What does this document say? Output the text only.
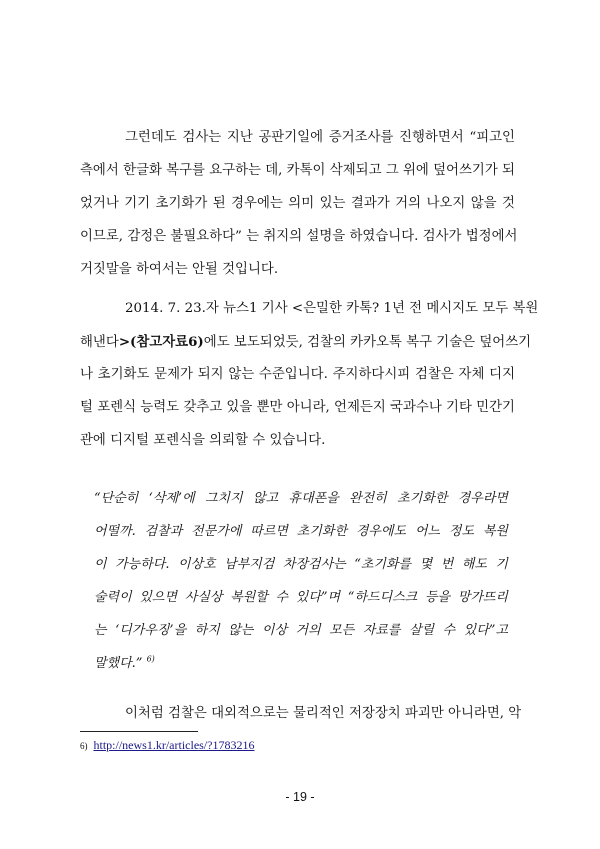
그런데도 검사는 지난 공판기일에 증거조사를 진행하면서 “피고인
측에서 한글화 복구를 요구하는 데, 카톡이 삭제되고 그 위에 덮어쓰기가 되
었거나 기기 초기화가 된 경우에는 의미 있는 결과가 거의 나오지 않을 것
이므로, 감정은 불필요하다” 는 취지의 설명을 하였습니다. 검사가 법정에서
거짓말을 하여서는 안될 것입니다.
2014. 7. 23.자 뉴스1 기사 <은밀한 카톡? 1년 전 메시지도 모두 복원
해낸다>(참고자료6)에도 보도되었듯, 검찰의 카카오톡 복구 기술은 덮어쓰기
나 초기화도 문제가 되지 않는 수준입니다. 주지하다시피 검찰은 자체 디지
털 포렌식 능력도 갖추고 있을 뿐만 아니라, 언제든지 국과수나 기타 민간기
관에 디지털 포렌식을 의뢰할 수 있습니다.
“단순히 ‘삭제’에 그치지 않고 휴대폰을 완전히 초기화한 경우라면
어떨까. 검찰과 전문가에 따르면 초기화한 경우에도 어느 정도 복원
이 가능하다. 이상호 남부지검 차장검사는 “초기화를 몇 번 해도 기
술력이 있으면 사실상 복원할 수 있다”며 “하드디스크 등을 망가뜨리
는 ‘디가우징’을 하지 않는 이상 거의 모든 자료를 살릴 수 있다”고
말했다.” $^{6)}$
이처럼 검찰은 대외적으로는 물리적인 저장장치 파괴만 아니라면, 악
6) http://news1.kr/articles/?1783216
- 19 -
